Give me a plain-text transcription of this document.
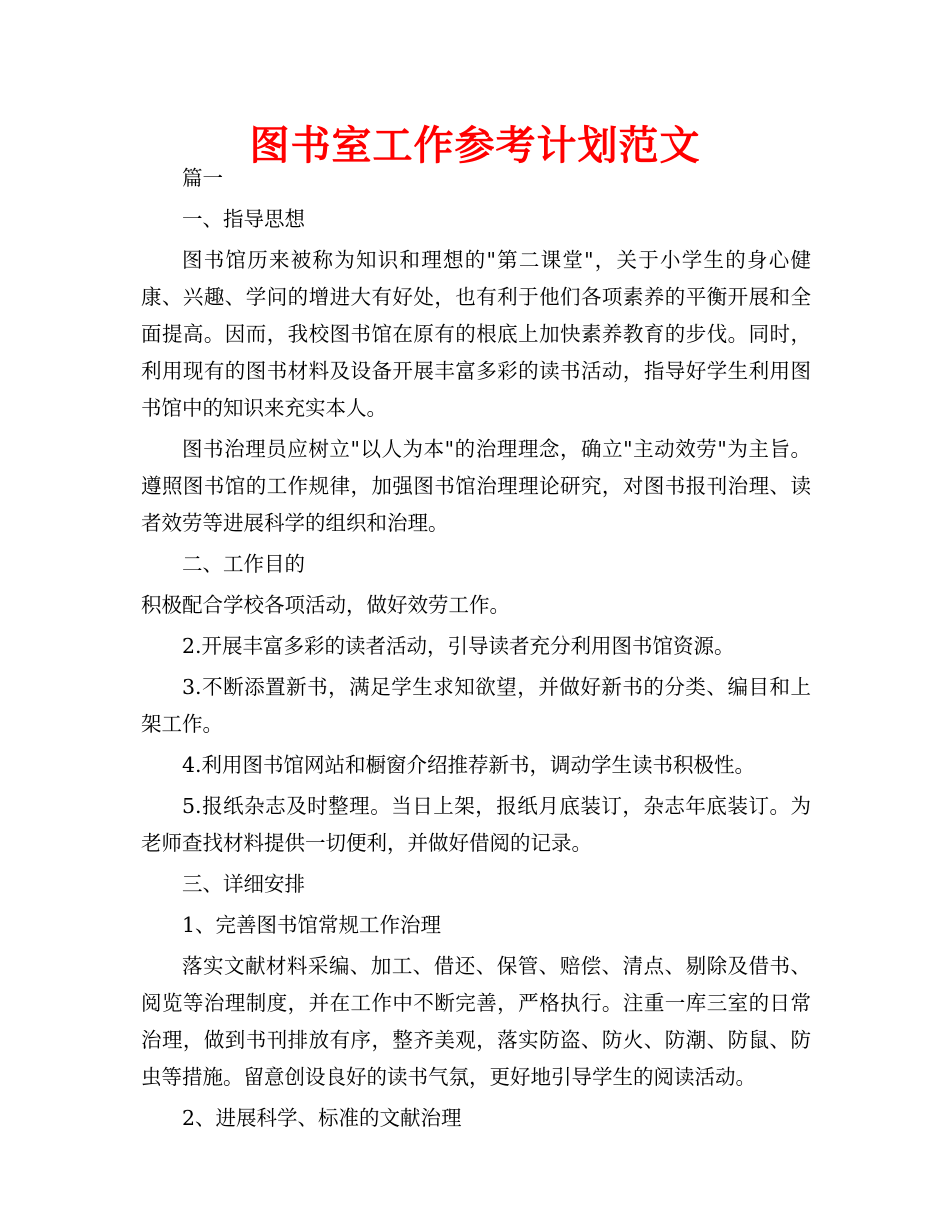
图书室工作参考计划范文

篇一

一、指导思想

图书馆历来被称为知识和理想的"第二课堂"，关于小学生的身心健康、兴趣、学问的增进大有好处，也有利于他们各项素养的平衡开展和全面提高。因而，我校图书馆在原有的根底上加快素养教育的步伐。同时，利用现有的图书材料及设备开展丰富多彩的读书活动，指导好学生利用图书馆中的知识来充实本人。

图书治理员应树立"以人为本"的治理理念，确立"主动效劳"为主旨。遵照图书馆的工作规律，加强图书馆治理理论研究，对图书报刊治理、读者效劳等进展科学的组织和治理。

二、工作目的

积极配合学校各项活动，做好效劳工作。

2.开展丰富多彩的读者活动，引导读者充分利用图书馆资源。

3.不断添置新书，满足学生求知欲望，并做好新书的分类、编目和上架工作。

4.利用图书馆网站和橱窗介绍推荐新书，调动学生读书积极性。

5.报纸杂志及时整理。当日上架，报纸月底装订，杂志年底装订。为老师查找材料提供一切便利，并做好借阅的记录。

三、详细安排

1、完善图书馆常规工作治理

落实文献材料采编、加工、借还、保管、赔偿、清点、剔除及借书、阅览等治理制度，并在工作中不断完善，严格执行。注重一库三室的日常治理，做到书刊排放有序，整齐美观，落实防盗、防火、防潮、防鼠、防虫等措施。留意创设良好的读书气氛，更好地引导学生的阅读活动。

2、进展科学、标准的文献治理
